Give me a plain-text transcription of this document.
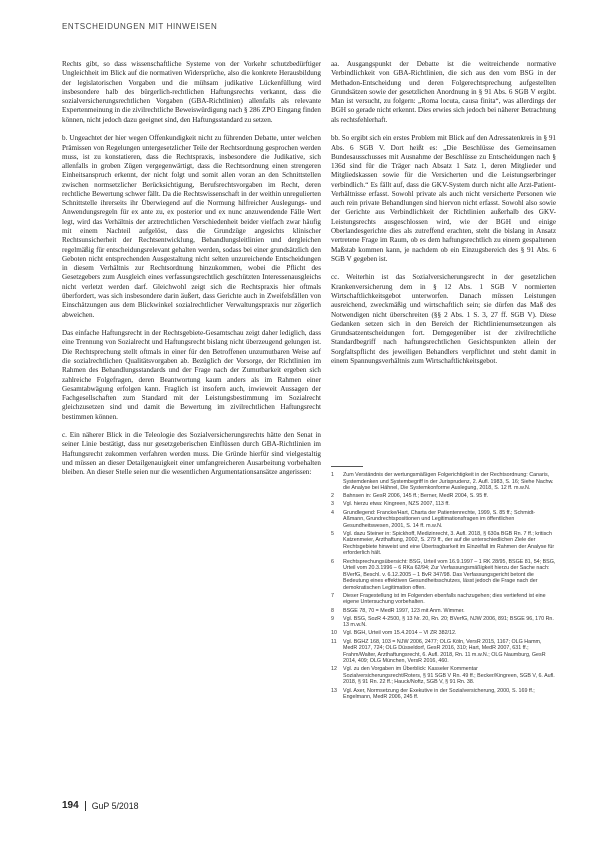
ENTSCHEIDUNGEN MIT HINWEISEN

Rechts gibt, so dass wissenschaftliche Systeme von der Vorkehr schutzbedürftiger Ungleichheit im Blick auf die normativen Widersprüche, also die konkrete Herausbildung der legislatorischen Vorgaben und die mühsam judikative Lückenfüllung wird insbesondere halb des bürgerlich-rechtlichen Haftungsrechts verkannt, dass die sozialversicherungsrechtlichen Vorgaben (GBA-Richtlinien) allenfalls als relevante Expertenmeinung in die zivilrechtliche Beweiswürdigung nach § 286 ZPO Eingang finden können, nicht jedoch dazu geeignet sind, den Haftungsstandard zu setzen.

b. Ungeachtet der hier wegen Offenkundigkeit nicht zu führenden Debatte, unter welchen Prämissen von Regelungen untergesetzlicher Teile der Rechtsordnung gesprochen werden muss, ist zu konstatieren, dass die Rechtspraxis, insbesondere die Judikative, sich allenfalls in groben Zügen vergegenwärtigt, dass die Rechtsordnung einen strengeren Einheitsanspruch erkennt, der nicht folgt und somit allen voran an den Schnittstellen zwischen normsetzlicher Berücksichtigung, Berufsrechtsvorgaben im Recht, deren rechtliche Bewertung schwer fällt. Da die Rechtswissenschaft in der weithin unregulierten Schnittstelle ihrerseits ihr Überwiegend auf die Normung hilfreicher Auslegungs- und Anwendungsregeln für ex ante zu, ex posterior und ex nunc anzuwendende Fälle Wert legt, wird das Verhältnis der arztrechtlichen Verschiedenheit beider vielfach zwar häufig mit einem Nachteil aufgelöst, dass die Grundzüge angesichts klinischer Rechtsunsicherheit der Rechtsentwicklung, Behandlungsleitlinien und dergleichen regelmäßig für entscheidungsrelevant gehalten werden, sodass bei einer grundsätzlich den Geboten nicht entsprechenden Ausgestaltung nicht selten unzureichende Entscheidungen in diesem Verhältnis zur Rechtsordnung hinzukommen, wobei die Pflicht des Gesetzgebers zum Ausgleich eines verfassungsrechtlich geschützten Interessenausgleichs nicht verletzt werden darf. Gleichwohl zeigt sich die Rechtspraxis hier oftmals überfordert, was sich insbesondere darin äußert, dass Gerichte auch in Zweifelsfällen von Einschätzungen aus dem Blickwinkel sozialrechtlicher Verwaltungspraxis nur zögerlich abweichen.

Das einfache Haftungsrecht in der Rechtsgebiete-Gesamtschau zeigt daher lediglich, dass eine Trennung von Sozialrecht und Haftungsrecht bislang nicht überzeugend gelungen ist. Die Rechtsprechung stellt oftmals in einer für den Betroffenen unzumutbaren Weise auf die sozialrechtlichen Qualitätsvorgaben ab. Bezüglich der Vorsorge, der Richtlinien im Rahmen des Behandlungsstandards und der Frage nach der Zumutbarkeit ergeben sich zahlreiche Folgefragen, deren Beantwortung kaum anders als im Rahmen einer Gesamtabwägung erfolgen kann. Fraglich ist insofern auch, inwieweit Aussagen der Fachgesellschaften zum Standard mit der Leistungsbestimmung im Sozialrecht gleichzusetzen sind und damit die Bewertung im zivilrechtlichen Haftungsrecht bestimmen können.

c. Ein näherer Blick in die Teleologie des Sozialversicherungsrechts hätte den Senat in seiner Linie bestätigt, dass nur gesetzgeberischen Einflüssen durch GBA-Richtlinien im Haftungsrecht zukommen verfahren werden muss. Die Gründe hierfür sind vielgestaltig und müssen an dieser Detailgenauigkeit einer umfangreicheren Ausarbeitung vorbehalten bleiben. An dieser Stelle seien nur die wesentlichen Argumentationsansätze angerissen:

aa. Ausgangspunkt der Debatte ist die weitreichende normative Verbindlichkeit von GBA-Richtlinien, die sich aus den vom BSG in der Methadon-Entscheidung und deren Folgerechtsprechung aufgestellten Grundsätzen sowie der gesetzlichen Anordnung in § 91 Abs. 6 SGB V ergibt. Man ist versucht, zu folgern: „Roma locuta, causa finita“, was allerdings der BGH so gerade nicht erkennt. Dies erwies sich jedoch bei näherer Betrachtung als rechtsfehlerhaft.

bb. So ergibt sich ein erstes Problem mit Blick auf den Adressatenkreis in § 91 Abs. 6 SGB V. Dort heißt es: „Die Beschlüsse des Gemeinsamen Bundesausschusses mit Ausnahme der Beschlüsse zu Entscheidungen nach § 136d sind für die Träger nach Absatz 1 Satz 1, deren Mitglieder und Mitgliedskassen sowie für die Versicherten und die Leistungserbringer verbindlich.“ Es fällt auf, dass die GKV-System durch nicht alle Arzt-Patient-Verhältnisse erfasst. Sowohl private als auch nicht versicherte Personen wie auch rein private Behandlungen sind hiervon nicht erfasst. Sowohl also sowie der Gerichte aus Verbindlichkeit der Richtlinien außerhalb des GKV-Leistungsrechts ausgeschlossen wird, wie der BGH und einige Oberlandesgerichte dies als zutreffend erachten, steht die bislang in Ansatz vertretene Frage im Raum, ob es dem haftungsrechtlich zu einem gespaltenen Maßstab kommen kann, je nachdem ob ein Einzugsbereich des § 91 Abs. 6 SGB V gegeben ist.

cc. Weiterhin ist das Sozialversicherungsrecht in der gesetzlichen Krankenversicherung dem in § 12 Abs. 1 SGB V normierten Wirtschaftlichkeitsgebot unterworfen. Danach müssen Leistungen ausreichend, zweckmäßig und wirtschaftlich sein; sie dürfen das Maß des Notwendigen nicht überschreiten (§§ 2 Abs. 1 S. 3, 27 ff. SGB V). Diese Gedanken setzen sich in den Bereich der Richtlinienumsetzungen als Grundsatzentscheidungen fort. Demgegenüber ist der zivilrechtliche Standardbegriff nach haftungsrechtlichen Gesichtspunkten allein der Sorgfaltspflicht des jeweiligen Behandlers verpflichtet und steht damit in einem Spannungsverhältnis zum Wirtschaftlichkeitsgebot.

1	Zum Verständnis der wertungsmäßigen Folgerichtigkeit in der Rechtsordnung: Canaris, Systemdenken und Systembegriff in der Jurisprudenz, 2. Aufl. 1983, S. 16; Siehe Nachw. die Analyse bei Hähnel, Die Systemkonforme Auslegung, 2018, S. 12 ff. m.w.N.
2	Bahnsen in: GesR 2006, 145 ff.; Berner, MedR 2004, S. 95 ff.
3	Vgl. hierzu etwa: Kingreen, NZS 2007, 113 ff.
4	Grundlegend: Francke/Hart, Charta der Patientenrechte, 1999, S. 85 ff.; Schmidt-Aßmann, Grundrechtspositionen und Legitimationsfragen im öffentlichen Gesundheitswesen, 2001, S. 14 ff. m.w.N.
5	Vgl. dazu Steiner in: Spickhoff, Medizinrecht, 3. Aufl. 2018, § 630a BGB Rn. 7 ff.; kritisch Katzenmeier, Arzthaftung, 2002, S. 279 ff., der auf die unterschiedlichen Ziele der Rechtsgebiete hinweist und eine Übertragbarkeit im Einzelfall im Rahmen der Analyse für erforderlich hält.
6	Rechtsprechungsübersicht: BSG, Urteil vom 16.9.1997 – 1 RK 28/95, BSGE 81, 54; BSG, Urteil vom 20.3.1996 – 6 RKa 62/94; Zur Verfassungsmäßigkeit hierzu der Sache nach: BVerfG, Beschl. v. 6.12.2005 – 1 BvR 347/98. Das Verfassungsgericht betont die Bedeutung eines effektiven Gesundheitsschutzes, lässt jedoch die Frage nach der demokratischen Legitimation offen.
7	Dieser Fragestellung ist im Folgenden ebenfalls nachzugehen; dies vertiefend ist eine eigene Untersuchung vorbehalten.
8	BSGE 78, 70 = MedR 1997, 123 mit Anm. Wimmer.
9	Vgl. BSG, SozR 4-2500, § 13 Nr. 20, Rn. 20; BVerfG, NJW 2006, 891; BSGE 96, 170 Rn. 13 m.w.N.
10	Vgl. BGH, Urteil vom 15.4.2014 – VI ZR 382/12.
11	Vgl. BGHZ 168, 103 = NJW 2006, 2477; OLG Köln, VersR 2015, 1167; OLG Hamm, MedR 2017, 724; OLG Düsseldorf, GesR 2016, 310; Hart, MedR 2007, 631 ff.; Frahm/Walter, Arzthaftungsrecht, 6. Aufl. 2018, Rn. 11 m.w.N.; OLG Naumburg, GesR 2014, 409; OLG München, VersR 2016, 460.
12	Vgl. zu den Vorgaben im Überblick: Kasseler Kommentar Sozialversicherungsrecht/Roters, § 91 SGB V Rn. 49 ff.; Becker/Kingreen, SGB V, 6. Aufl. 2018, § 91 Rn. 22 ff.; Hauck/Noftz, SGB V, § 91 Rn. 38.
13	Vgl. Axer, Normsetzung der Exekutive in der Sozialversicherung, 2000, S. 169 ff.; Engelmann, MedR 2006, 245 ff.
194 GuP 5/2018
